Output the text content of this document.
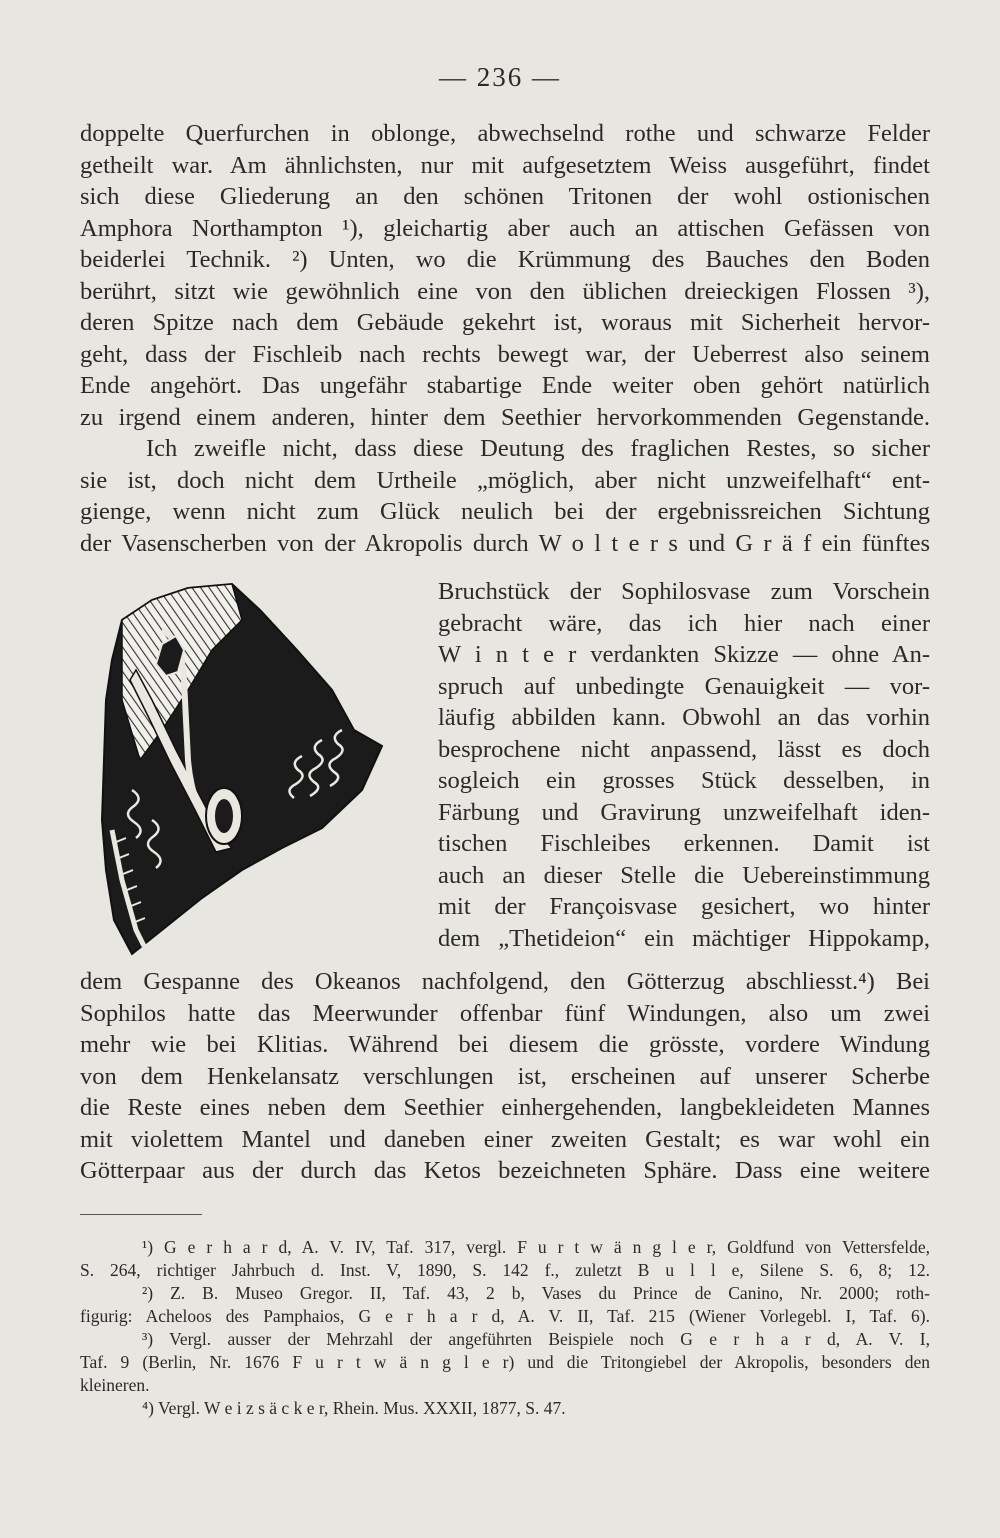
— 236 —
doppelte Querfurchen in oblonge, abwechselnd rothe und schwarze Felder
getheilt war. Am ähnlichsten, nur mit aufgesetztem Weiss ausgeführt, findet
sich diese Gliederung an den schönen Tritonen der wohl ostionischen
Amphora Northampton ¹), gleichartig aber auch an attischen Gefässen von
beiderlei Technik. ²) Unten, wo die Krümmung des Bauches den Boden
berührt, sitzt wie gewöhnlich eine von den üblichen dreieckigen Flossen ³),
deren Spitze nach dem Gebäude gekehrt ist, woraus mit Sicherheit hervor-
geht, dass der Fischleib nach rechts bewegt war, der Ueberrest also seinem
Ende angehört. Das ungefähr stabartige Ende weiter oben gehört natürlich
zu irgend einem anderen, hinter dem Seethier hervorkommenden Gegenstande.
Ich zweifle nicht, dass diese Deutung des fraglichen Restes, so sicher
sie ist, doch nicht dem Urtheile „möglich, aber nicht unzweifelhaft“ ent-
gienge, wenn nicht zum Glück neulich bei der ergebnissreichen Sichtung
der Vasenscherben von der Akropolis durch W o l t e r s und G r ä f ein fünftes
Bruchstück der Sophilosvase zum Vorschein
gebracht wäre, das ich hier nach einer
W i n t e r verdankten Skizze — ohne An-
spruch auf unbedingte Genauigkeit — vor-
läufig abbilden kann. Obwohl an das vorhin
besprochene nicht anpassend, lässt es doch
sogleich ein grosses Stück desselben, in
Färbung und Gravirung unzweifelhaft iden-
tischen Fischleibes erkennen. Damit ist
auch an dieser Stelle die Uebereinstimmung
mit der Françoisvase gesichert, wo hinter
dem „Thetideion“ ein mächtiger Hippokamp,
dem Gespanne des Okeanos nachfolgend, den Götterzug abschliesst.⁴) Bei
Sophilos hatte das Meerwunder offenbar fünf Windungen, also um zwei
mehr wie bei Klitias. Während bei diesem die grösste, vordere Windung
von dem Henkelansatz verschlungen ist, erscheinen auf unserer Scherbe
die Reste eines neben dem Seethier einhergehenden, langbekleideten Mannes
mit violettem Mantel und daneben einer zweiten Gestalt; es war wohl ein
Götterpaar aus der durch das Ketos bezeichneten Sphäre. Dass eine weitere
¹) G e r h a r d, A. V. IV, Taf. 317, vergl. F u r t w ä n g l e r, Goldfund von Vettersfelde,
S. 264, richtiger Jahrbuch d. Inst. V, 1890, S. 142 f., zuletzt B u l l e, Silene S. 6, 8; 12.
²) Z. B. Museo Gregor. II, Taf. 43, 2 b, Vases du Prince de Canino, Nr. 2000; roth-
figurig: Acheloos des Pamphaios, G e r h a r d, A. V. II, Taf. 215 (Wiener Vorlegebl. I, Taf. 6).
³) Vergl. ausser der Mehrzahl der angeführten Beispiele noch G e r h a r d, A. V. I,
Taf. 9 (Berlin, Nr. 1676 F u r t w ä n g l e r) und die Tritongiebel der Akropolis, besonders den
kleineren.
⁴) Vergl. W e i z s ä c k e r, Rhein. Mus. XXXII, 1877, S. 47.
